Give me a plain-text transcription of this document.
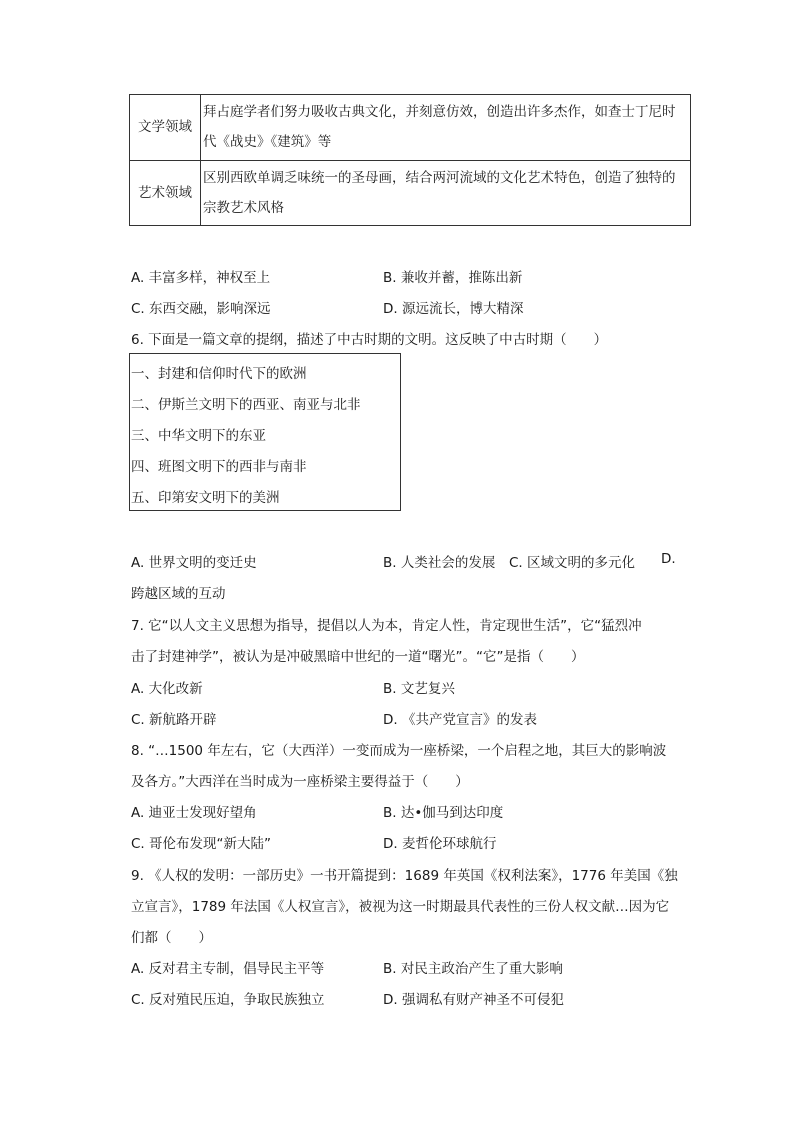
文学领域	拜占庭学者们努力吸收古典文化，并刻意仿效，创造出许多杰作，如查士丁尼时
代《战史》《建筑》等
艺术领域	区别西欧单调乏味统一的圣母画，结合两河流域的文化艺术特色，创造了独特的
宗教艺术风格
A. 丰富多样，神权至上	B. 兼收并蓄，推陈出新
C. 东西交融，影响深远	D. 源远流长，博大精深
6. 下面是一篇文章的提纲，描述了中古时期的文明。这反映了中古时期（　　）
一、封建和信仰时代下的欧洲
二、伊斯兰文明下的西亚、南亚与北非
三、中华文明下的东亚
四、班图文明下的西非与南非
五、印第安文明下的美洲
A. 世界文明的变迁史	B. 人类社会的发展 C. 区域文明的多元化 D.
跨越区域的互动
7. 它“以人文主义思想为指导，提倡以人为本，肯定人性，肯定现世生活”，它“猛烈冲
击了封建神学”，被认为是冲破黑暗中世纪的一道“曙光”。“它”是指（　　）
A. 大化改新	B. 文艺复兴
C. 新航路开辟	D. 《共产党宣言》的发表
8. “…1500 年左右，它（大西洋）一变而成为一座桥梁，一个启程之地，其巨大的影响波
及各方。”大西洋在当时成为一座桥梁主要得益于（　　）
A. 迪亚士发现好望角	B. 达•伽马到达印度
C. 哥伦布发现“新大陆”	D. 麦哲伦环球航行
9. 《人权的发明：一部历史》一书开篇提到：1689 年英国《权利法案》，1776 年美国《独
立宣言》，1789 年法国《人权宣言》，被视为这一时期最具代表性的三份人权文献…因为它
们都（　　）
A. 反对君主专制，倡导民主平等	B. 对民主政治产生了重大影响
C. 反对殖民压迫，争取民族独立	D. 强调私有财产神圣不可侵犯
